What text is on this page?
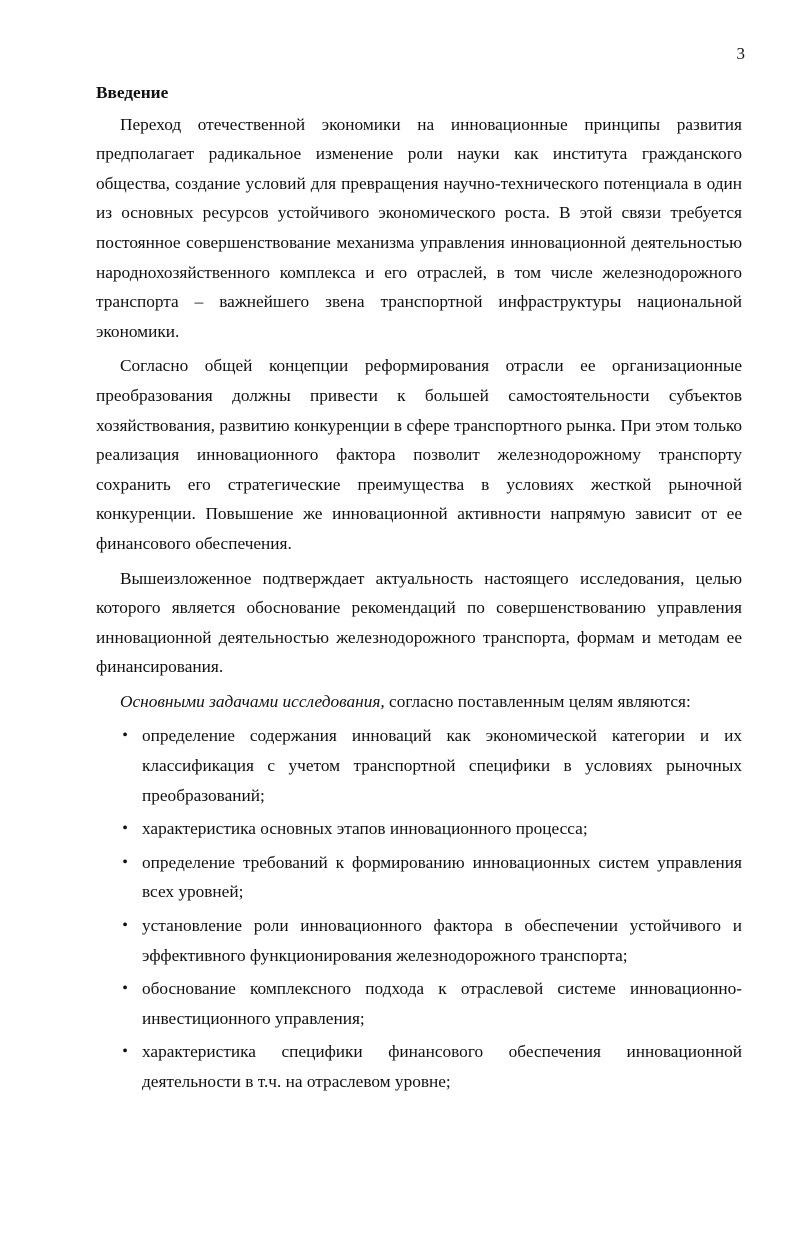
3
Введение

Переход отечественной экономики на инновационные принципы развития предполагает радикальное изменение роли науки как института гражданского общества, создание условий для превращения научно-технического потенциала в один из основных ресурсов устойчивого экономического роста. В этой связи требуется постоянное совершенствование механизма управления инновационной деятельностью народнохозяйственного комплекса и его отраслей, в том числе железнодорожного транспорта – важнейшего звена транспортной инфраструктуры национальной экономики.

Согласно общей концепции реформирования отрасли ее организационные преобразования должны привести к большей самостоятельности субъектов хозяйствования, развитию конкуренции в сфере транспортного рынка. При этом только реализация инновационного фактора позволит железнодорожному транспорту сохранить его стратегические преимущества в условиях жесткой рыночной конкуренции. Повышение же инновационной активности напрямую зависит от ее финансового обеспечения.

Вышеизложенное подтверждает актуальность настоящего исследования, целью которого является обоснование рекомендаций по совершенствованию управления инновационной деятельностью железнодорожного транспорта, формам и методам ее финансирования.

Основными задачами исследования, согласно поставленным целям являются:

• определение содержания инноваций как экономической категории и их классификация с учетом транспортной специфики в условиях рыночных преобразований;
• характеристика основных этапов инновационного процесса;
• определение требований к формированию инновационных систем управления всех уровней;
• установление роли инновационного фактора в обеспечении устойчивого и эффективного функционирования железнодорожного транспорта;
• обоснование комплексного подхода к отраслевой системе инновационно-инвестиционного управления;
• характеристика специфики финансового обеспечения инновационной деятельности в т.ч. на отраслевом уровне;
